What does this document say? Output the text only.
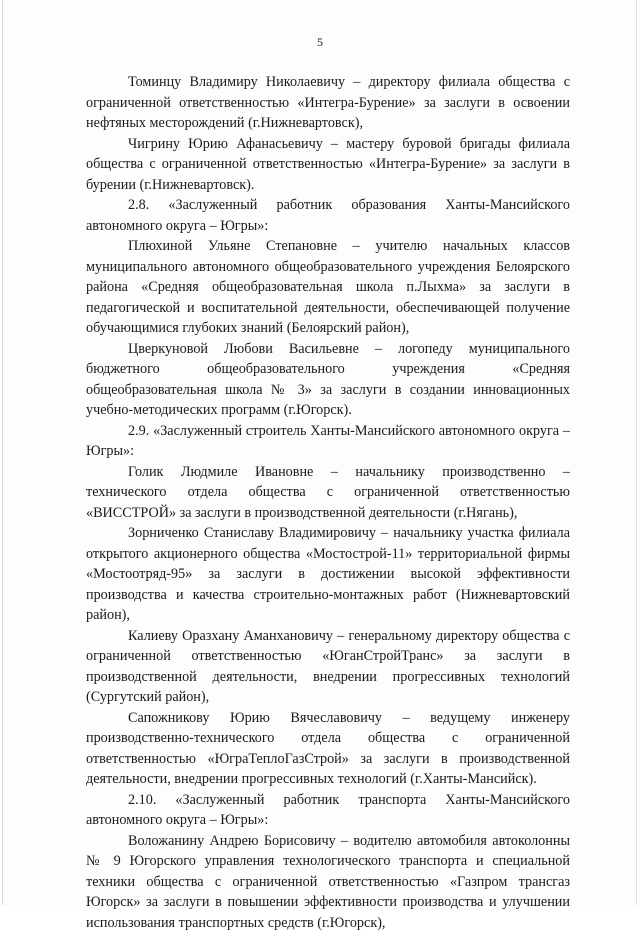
5

Томинцу Владимиру Николаевичу – директору филиала общества с ограниченной ответственностью «Интегра-Бурение» за заслуги в освоении нефтяных месторождений (г.Нижневартовск),

Чигрину Юрию Афанасьевичу – мастеру буровой бригады филиала общества с ограниченной ответственностью «Интегра-Бурение» за заслуги в бурении (г.Нижневартовск).

2.8. «Заслуженный работник образования Ханты-Мансийского автономного округа – Югры»:

Плюхиной Ульяне Степановне – учителю начальных классов муниципального автономного общеобразовательного учреждения Белоярского района «Средняя общеобразовательная школа п.Лыхма» за заслуги в педагогической и воспитательной деятельности, обеспечивающей получение обучающимися глубоких знаний (Белоярский район),

Цверкуновой Любови Васильевне – логопеду муниципального бюджетного общеобразовательного учреждения «Средняя общеобразовательная школа № 3» за заслуги в создании инновационных учебно-методических программ (г.Югорск).

2.9. «Заслуженный строитель Ханты-Мансийского автономного округа – Югры»:

Голик Людмиле Ивановне – начальнику производственно – технического отдела общества с ограниченной ответственностью «ВИССТРОЙ» за заслуги в производственной деятельности (г.Нягань),

Зорниченко Станиславу Владимировичу – начальнику участка филиала открытого акционерного общества «Мостострой-11» территориальной фирмы «Мостоотряд-95» за заслуги в достижении высокой эффективности производства и качества строительно-монтажных работ (Нижневартовский район),

Калиеву Оразхану Аманхановичу – генеральному директору общества с ограниченной ответственностью «ЮганСтройТранс» за заслуги в производственной деятельности, внедрении прогрессивных технологий (Сургутский район),

Сапожникову Юрию Вячеславовичу – ведущему инженеру производственно-технического отдела общества с ограниченной ответственностью «ЮграТеплоГазСтрой» за заслуги в производственной деятельности, внедрении прогрессивных технологий (г.Ханты-Мансийск).

2.10. «Заслуженный работник транспорта Ханты-Мансийского автономного округа – Югры»:

Воложанину Андрею Борисовичу – водителю автомобиля автоколонны № 9 Югорского управления технологического транспорта и специальной техники общества с ограниченной ответственностью «Газпром трансгаз Югорск» за заслуги в повышении эффективности производства и улучшении использования транспортных средств (г.Югорск),
